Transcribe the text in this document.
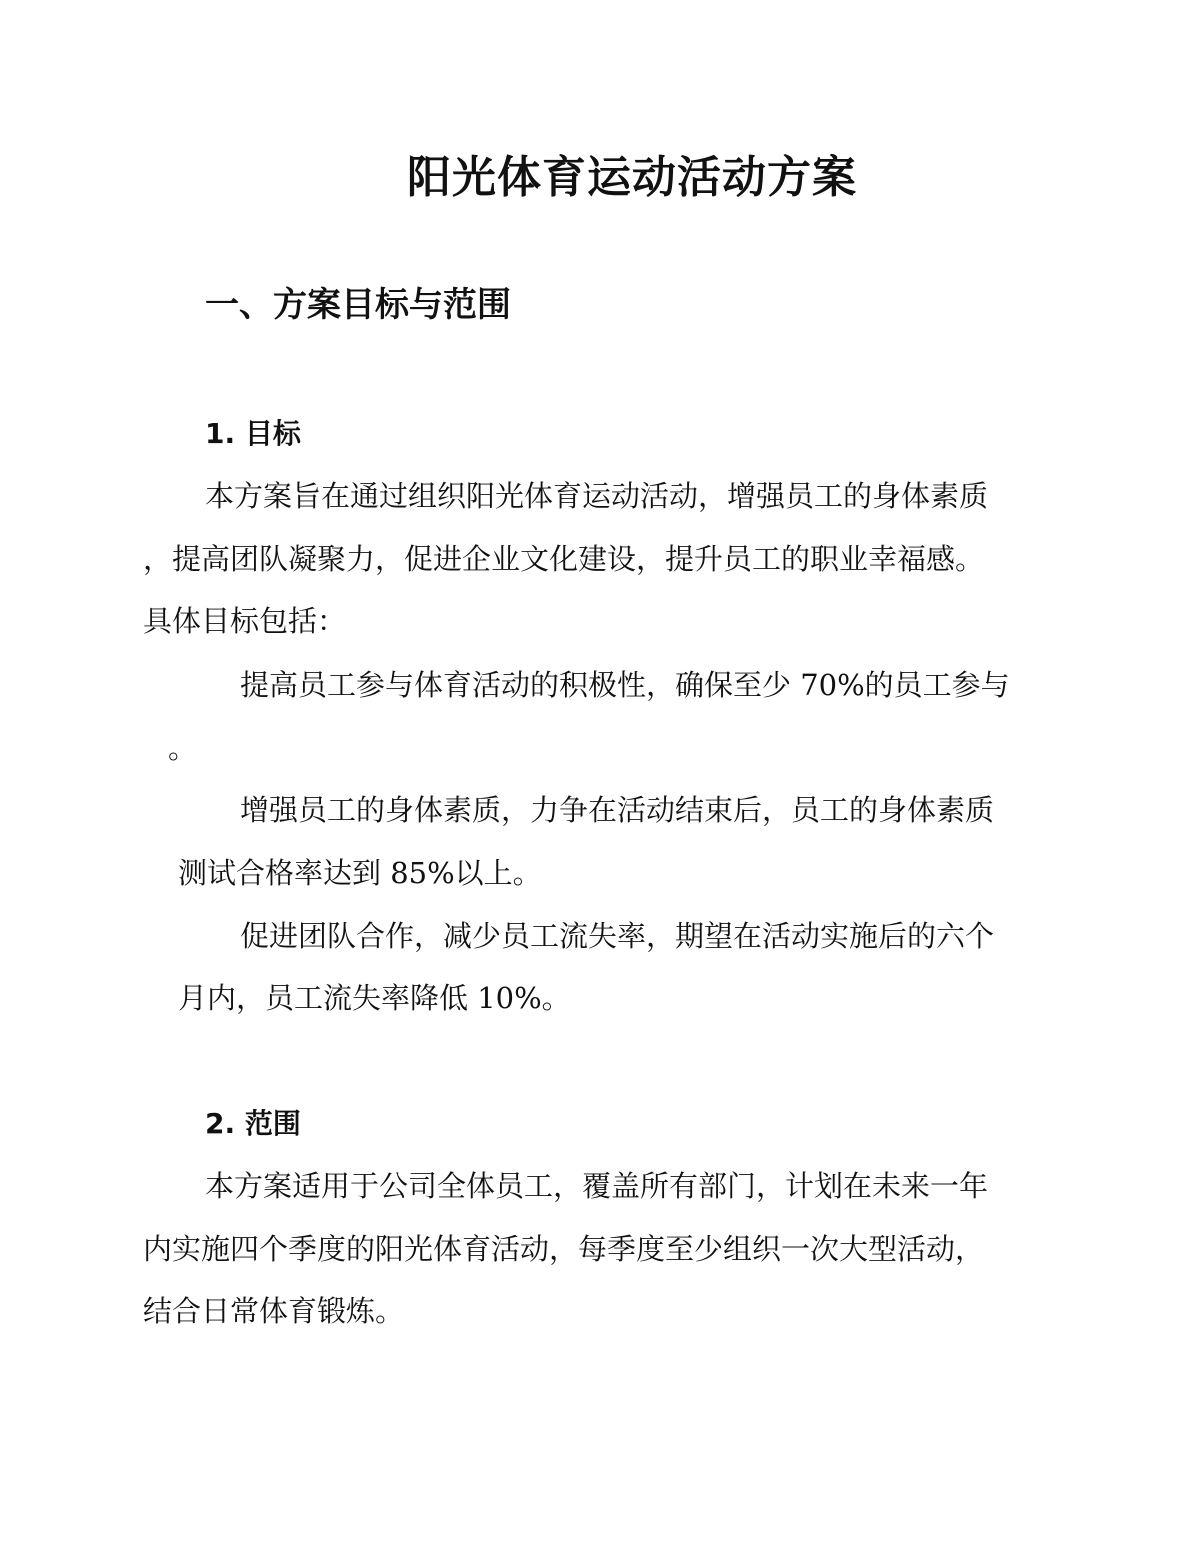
阳光体育运动活动方案
一、方案目标与范围
1. 目标
本方案旨在通过组织阳光体育运动活动，增强员工的身体素质
，提高团队凝聚力，促进企业文化建设，提升员工的职业幸福感。
具体目标包括：
提高员工参与体育活动的积极性，确保至少 70%的员工参与
。
增强员工的身体素质，力争在活动结束后，员工的身体素质
测试合格率达到 85%以上。
促进团队合作，减少员工流失率，期望在活动实施后的六个
月内，员工流失率降低 10%。
2. 范围
本方案适用于公司全体员工，覆盖所有部门，计划在未来一年
内实施四个季度的阳光体育活动，每季度至少组织一次大型活动，
结合日常体育锻炼。
